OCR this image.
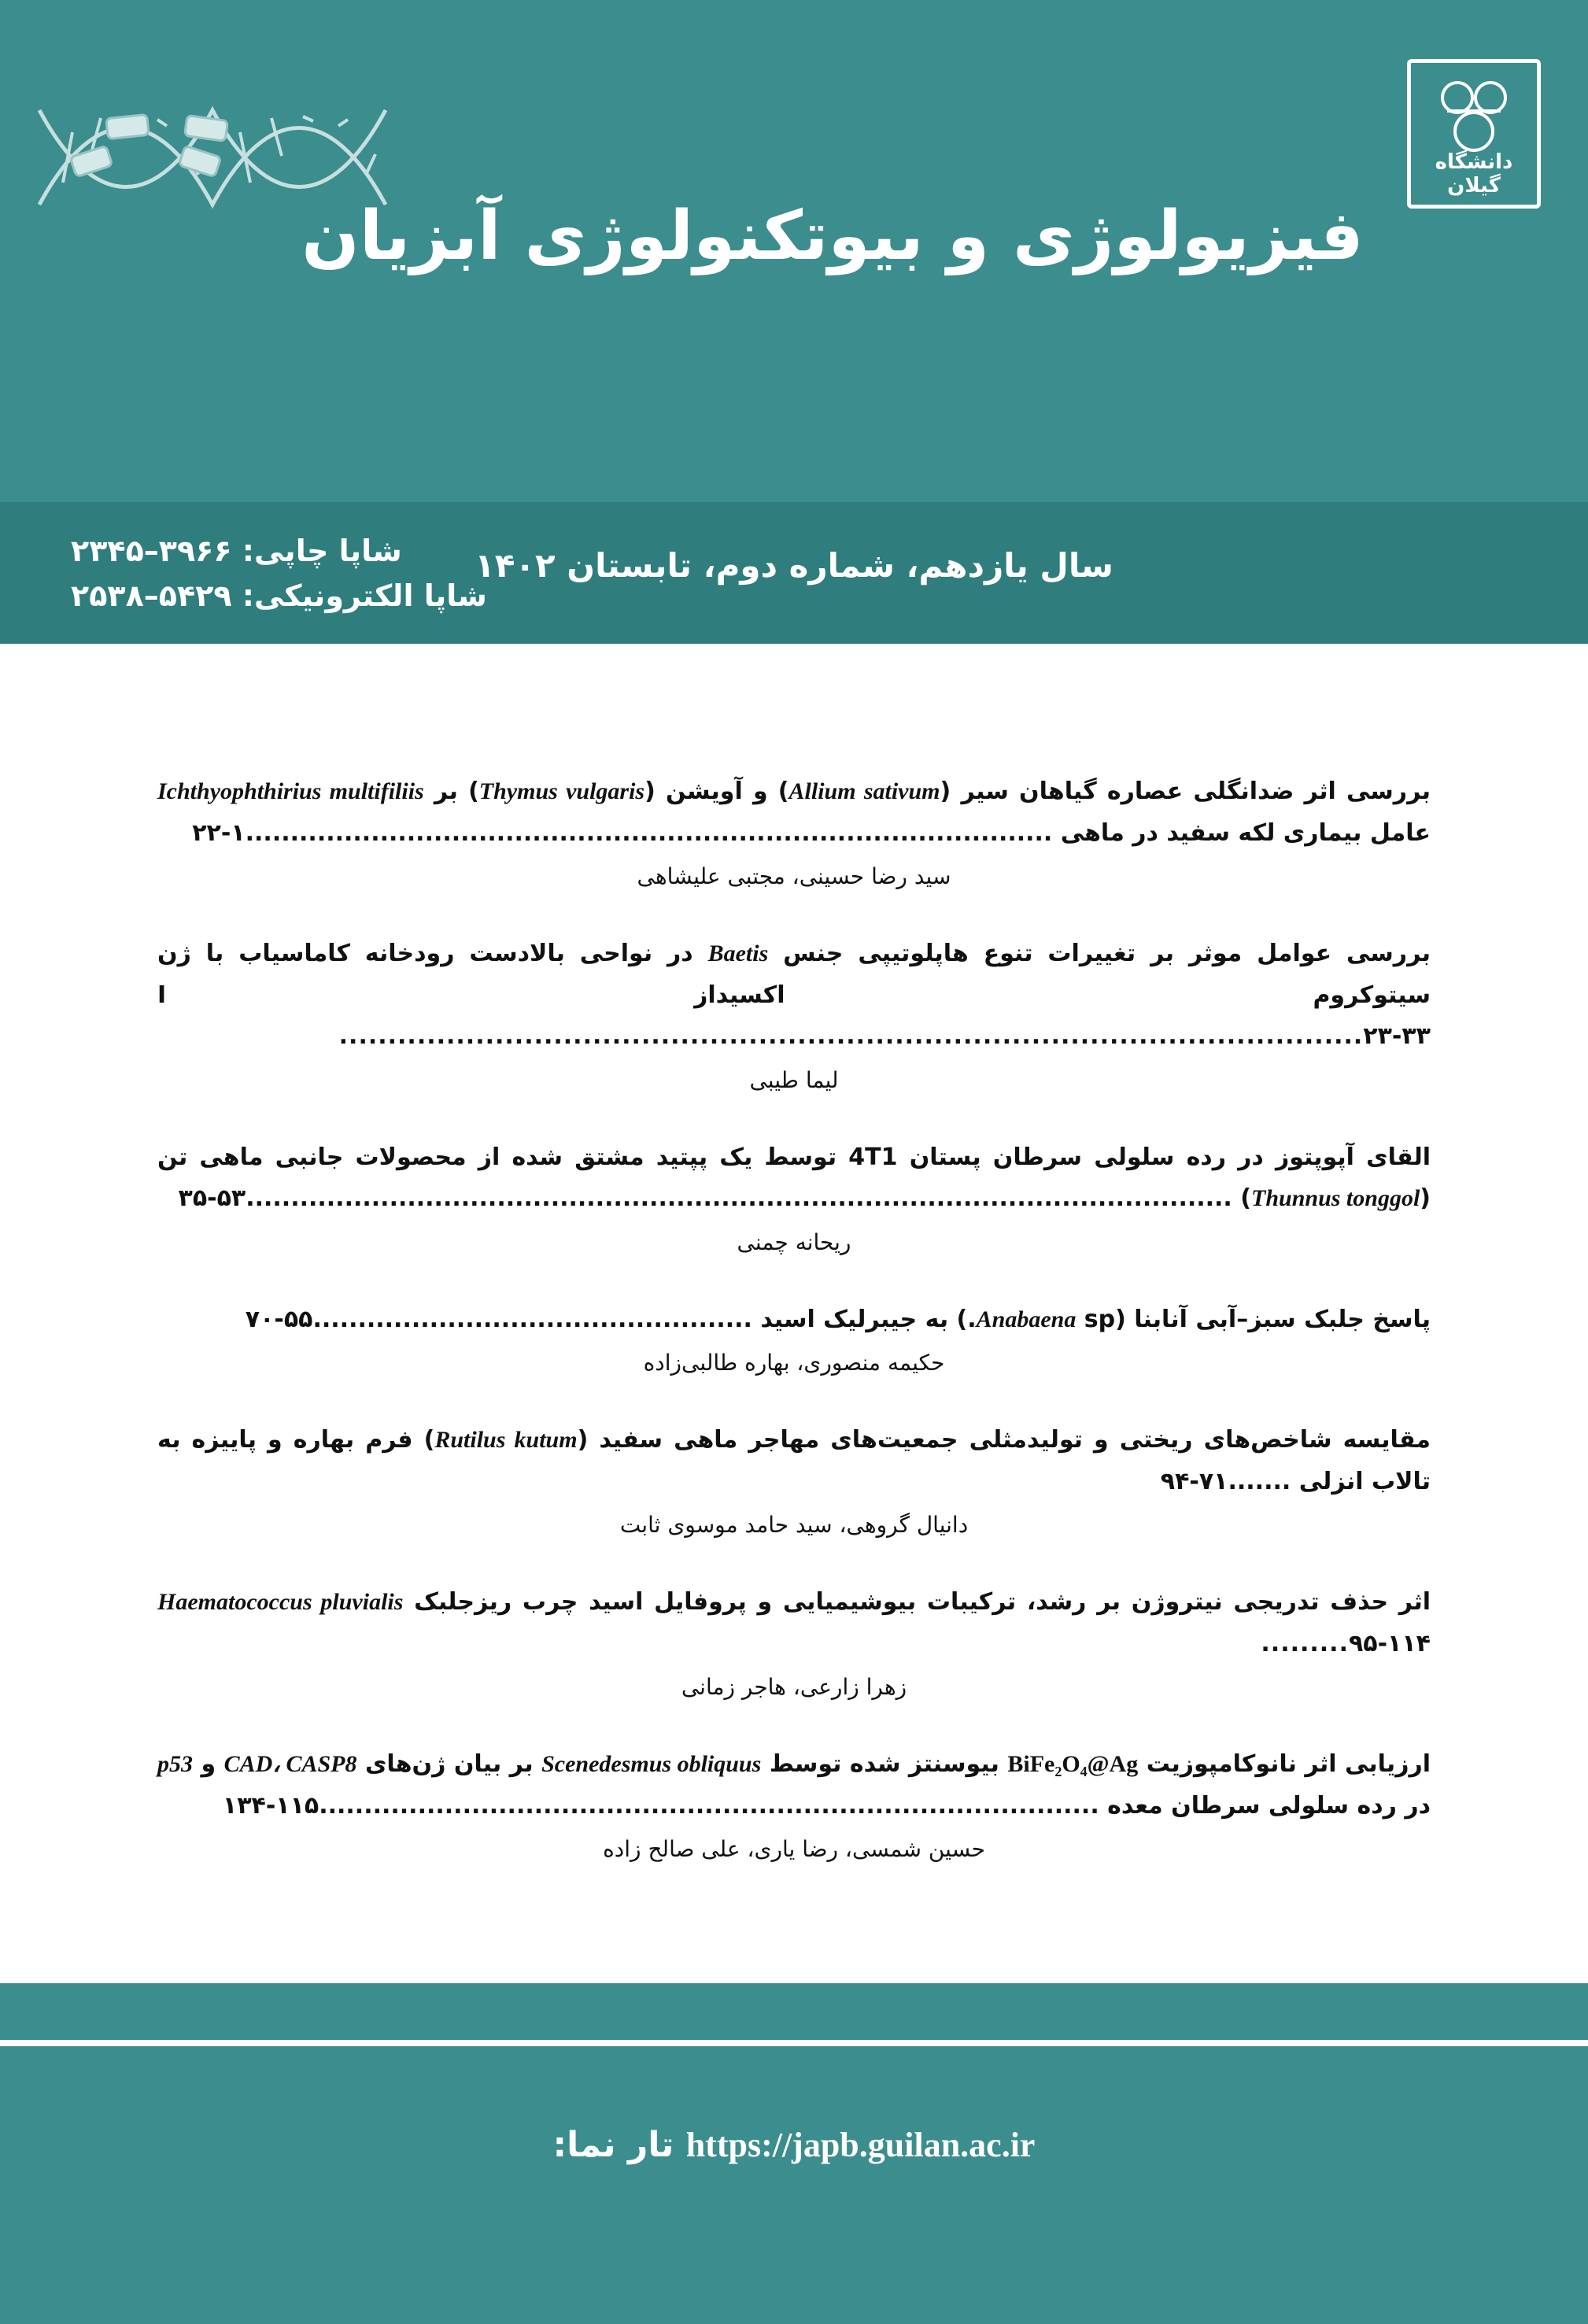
دانشگاه گیلان
فیزیولوژی و بیوتکنولوژی آبزیان
سال یازدهم، شماره دوم، تابستان ۱۴۰۲
شاپا چاپی: ۳۹۶۶–۲۳۴۵
شاپا الکترونیکی: ۵۴۲۹–۲۵۳۸
بررسی اثر ضدانگلی عصاره گیاهان سیر (Allium sativum) و آویشن (Thymus vulgaris) بر Ichthyophthirius multifiliis عامل بیماری لکه سفید در ماهی ..........................................................................................۱-۲۲
سید رضا حسینی، مجتبی علیشاهی
بررسی عوامل موثر بر تغییرات تنوع هاپلوتیپی جنس Baetis در نواحی بالادست رودخانه کاماسیاب با ژن سیتوکروم اکسیداز I .........................................................................................................۲۳-۳۳
لیما طیبی
القای آپوپتوز در رده سلولی سرطان پستان 4T1 توسط یک پپتید مشتق شده از محصولات جانبی ماهی تن (Thunnus tonggol) ..............................................................................................................۳۵-۵۳
ریحانه چمنی
پاسخ جلبک سبز–آبی آنابنا (Anabaena sp.) به جیبرلیک اسید .................................................۵۵-۷۰
حکیمه منصوری، بهاره طالبی‌زاده
مقایسه شاخص‌های ریختی و تولیدمثلی جمعیت‌های مهاجر ماهی سفید (Rutilus kutum) فرم بهاره و پاییزه به تالاب انزلی .......۷۱-۹۴
دانیال گروهی، سید حامد موسوی ثابت
اثر حذف تدریجی نیتروژن بر رشد، ترکیبات بیوشیمیایی و پروفایل اسید چرب ریزجلبک Haematococcus pluvialis .........۹۵-۱۱۴
زهرا زارعی، هاجر زمانی
ارزیابی اثر نانوکامپوزیت BiFe₂O₄@Ag بیوسنتز شده توسط Scenedesmus obliquus بر بیان ژن‌های CAD، CASP8 و p53 در رده سلولی سرطان معده .......................................................................................۱۱۵-۱۳۴
حسین شمسی، رضا یاری، علی صالح زاده
https://japb.guilan.ac.ir تار نما:
